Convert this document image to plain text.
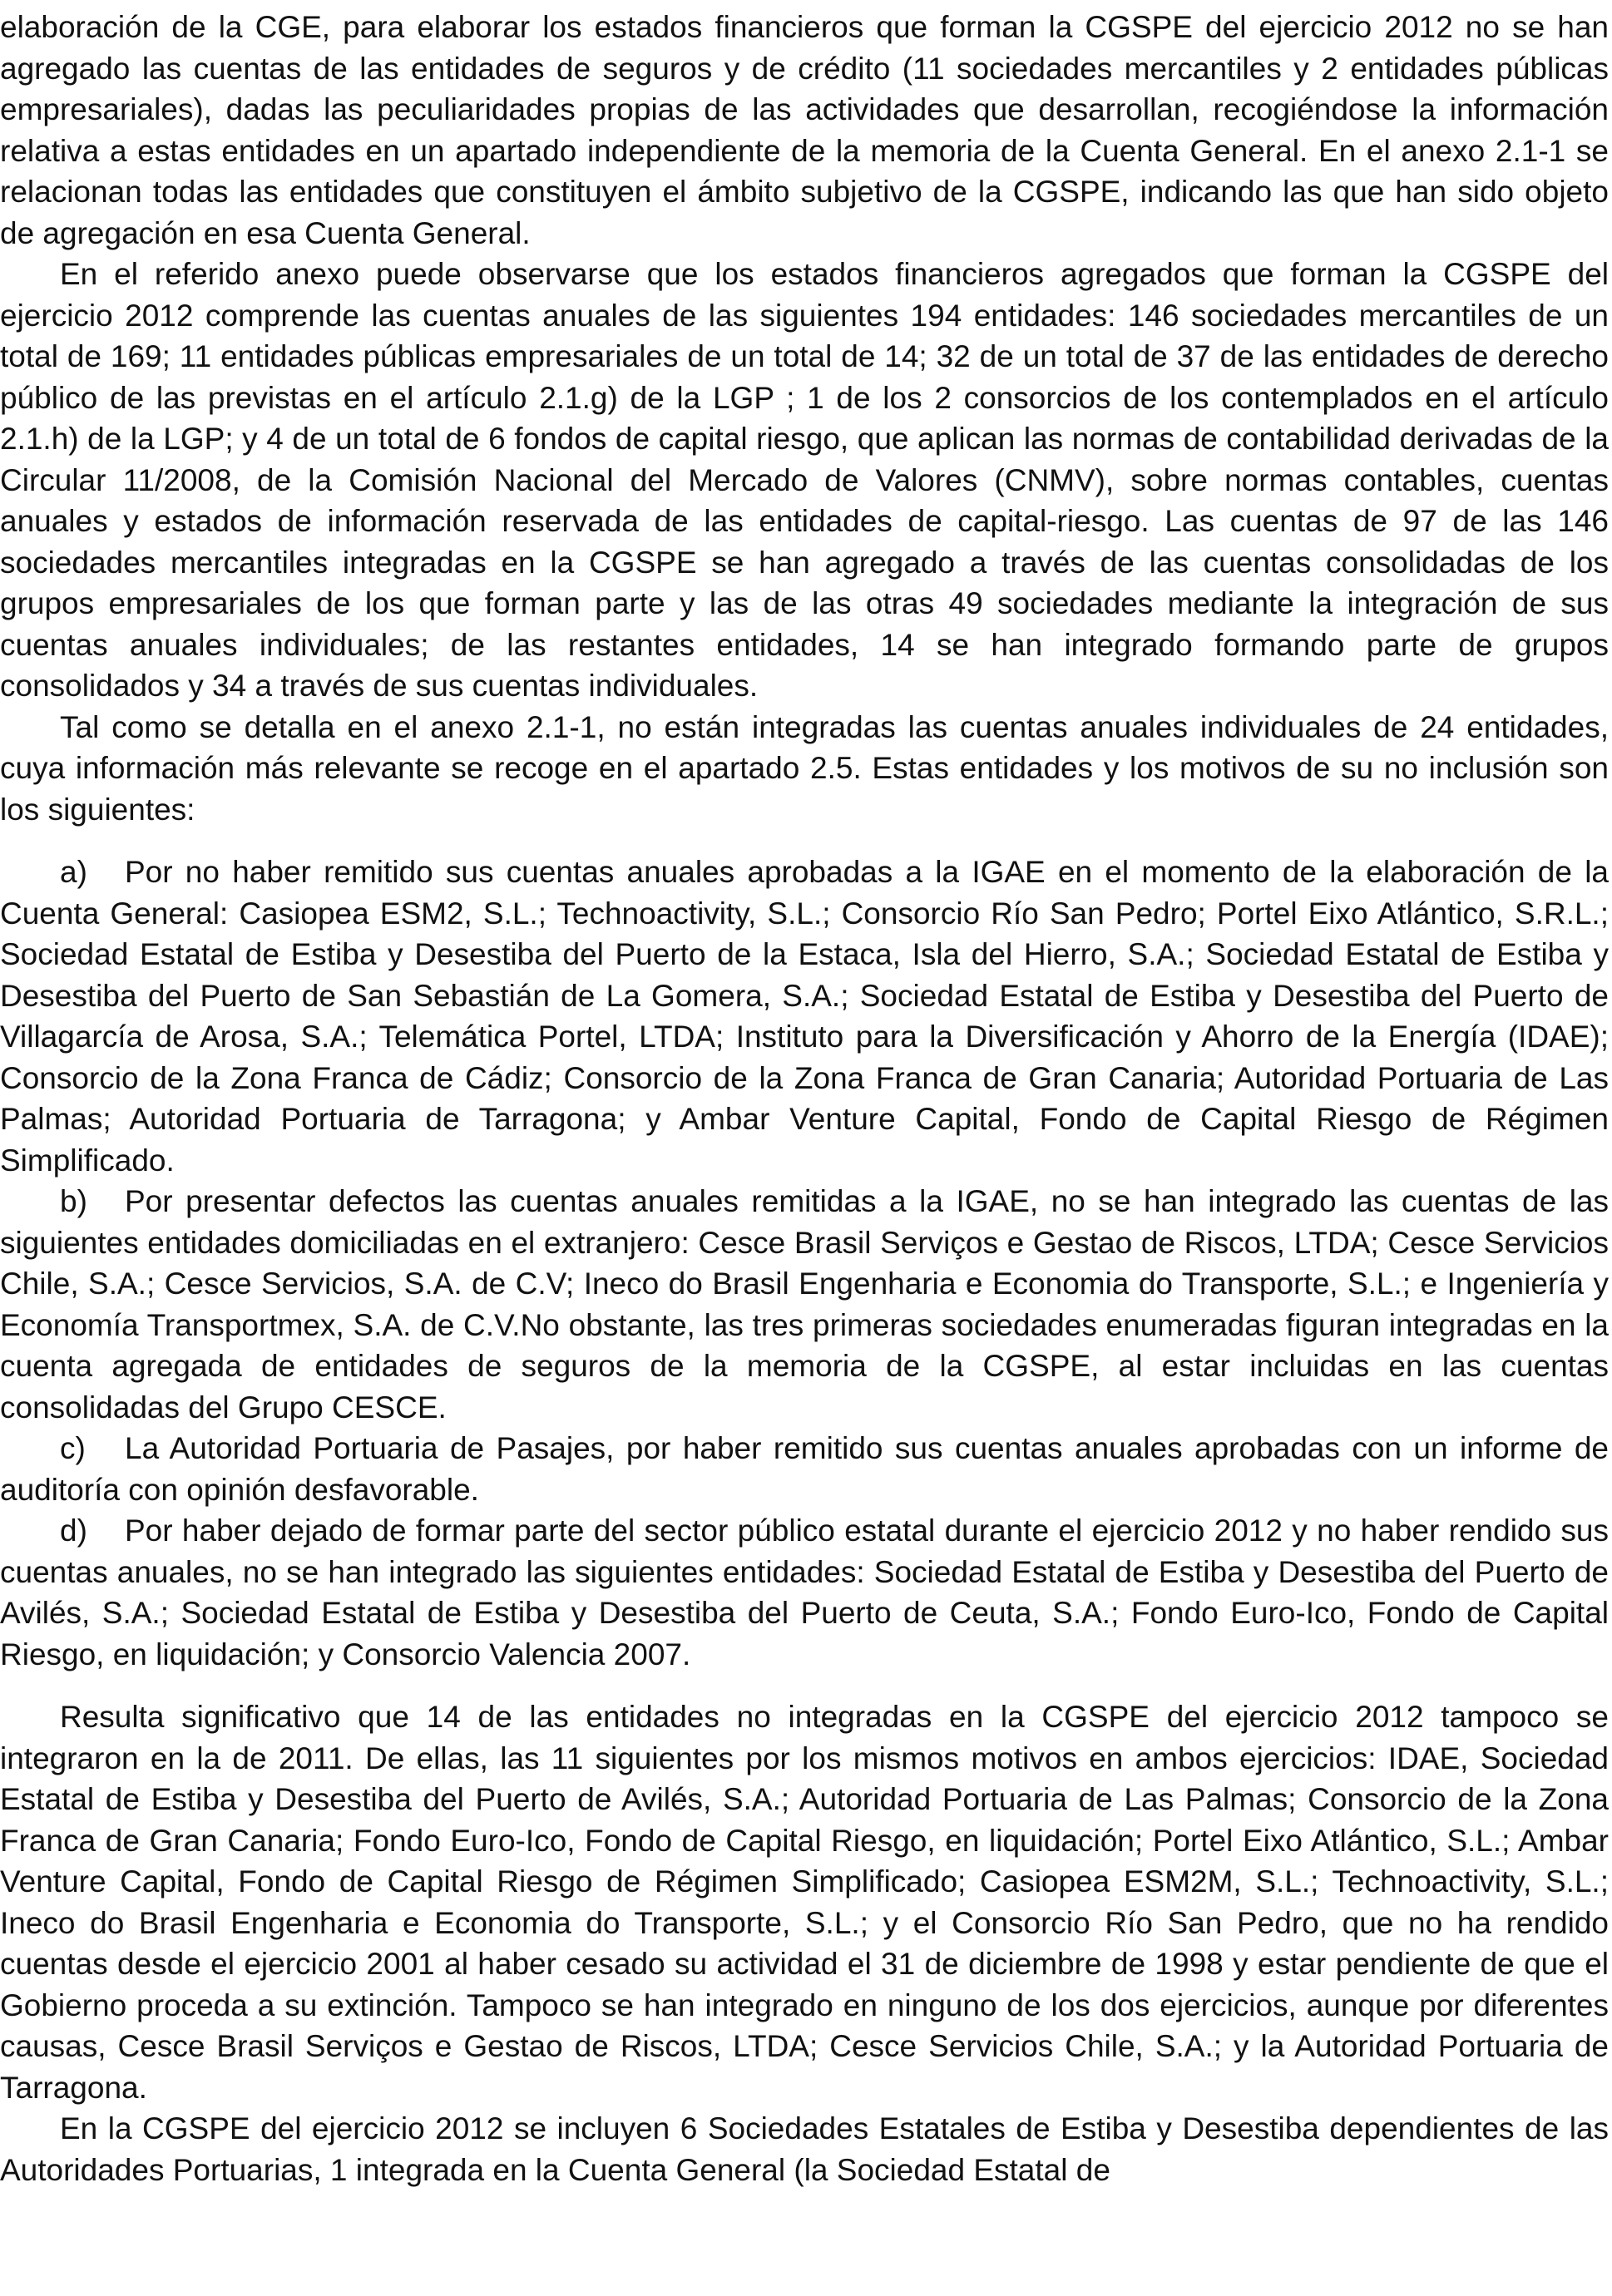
elaboración de la CGE, para elaborar los estados financieros que forman la CGSPE del ejercicio 2012 no se han agregado las cuentas de las entidades de seguros y de crédito (11 sociedades mercantiles y 2 entidades públicas empresariales), dadas las peculiaridades propias de las actividades que desarrollan, recogiéndose la información relativa a estas entidades en un apartado independiente de la memoria de la Cuenta General. En el anexo 2.1-1 se relacionan todas las entidades que constituyen el ámbito subjetivo de la CGSPE, indicando las que han sido objeto de agregación en esa Cuenta General.

En el referido anexo puede observarse que los estados financieros agregados que forman la CGSPE del ejercicio 2012 comprende las cuentas anuales de las siguientes 194 entidades: 146 sociedades mercantiles de un total de 169; 11 entidades públicas empresariales de un total de 14; 32 de un total de 37 de las entidades de derecho público de las previstas en el artículo 2.1.g) de la LGP ; 1 de los 2 consorcios de los contemplados en el artículo 2.1.h) de la LGP; y 4 de un total de 6 fondos de capital riesgo, que aplican las normas de contabilidad derivadas de la Circular 11/2008, de la Comisión Nacional del Mercado de Valores (CNMV), sobre normas contables, cuentas anuales y estados de información reservada de las entidades de capital-riesgo. Las cuentas de 97 de las 146 sociedades mercantiles integradas en la CGSPE se han agregado a través de las cuentas consolidadas de los grupos empresariales de los que forman parte y las de las otras 49 sociedades mediante la integración de sus cuentas anuales individuales; de las restantes entidades, 14 se han integrado formando parte de grupos consolidados y 34 a través de sus cuentas individuales.

Tal como se detalla en el anexo 2.1-1, no están integradas las cuentas anuales individuales de 24 entidades, cuya información más relevante se recoge en el apartado 2.5. Estas entidades y los motivos de su no inclusión son los siguientes:

a) Por no haber remitido sus cuentas anuales aprobadas a la IGAE en el momento de la elaboración de la Cuenta General: Casiopea ESM2, S.L.; Technoactivity, S.L.; Consorcio Río San Pedro; Portel Eixo Atlántico, S.R.L.; Sociedad Estatal de Estiba y Desestiba del Puerto de la Estaca, Isla del Hierro, S.A.; Sociedad Estatal de Estiba y Desestiba del Puerto de San Sebastián de La Gomera, S.A.; Sociedad Estatal de Estiba y Desestiba del Puerto de Villagarcía de Arosa, S.A.; Telemática Portel, LTDA; Instituto para la Diversificación y Ahorro de la Energía (IDAE); Consorcio de la Zona Franca de Cádiz; Consorcio de la Zona Franca de Gran Canaria; Autoridad Portuaria de Las Palmas; Autoridad Portuaria de Tarragona; y Ambar Venture Capital, Fondo de Capital Riesgo de Régimen Simplificado.

b) Por presentar defectos las cuentas anuales remitidas a la IGAE, no se han integrado las cuentas de las siguientes entidades domiciliadas en el extranjero: Cesce Brasil Serviços e Gestao de Riscos, LTDA; Cesce Servicios Chile, S.A.; Cesce Servicios, S.A. de C.V; Ineco do Brasil Engenharia e Economia do Transporte, S.L.; e Ingeniería y Economía Transportmex, S.A. de C.V.No obstante, las tres primeras sociedades enumeradas figuran integradas en la cuenta agregada de entidades de seguros de la memoria de la CGSPE, al estar incluidas en las cuentas consolidadas del Grupo CESCE.

c) La Autoridad Portuaria de Pasajes, por haber remitido sus cuentas anuales aprobadas con un informe de auditoría con opinión desfavorable.

d) Por haber dejado de formar parte del sector público estatal durante el ejercicio 2012 y no haber rendido sus cuentas anuales, no se han integrado las siguientes entidades: Sociedad Estatal de Estiba y Desestiba del Puerto de Avilés, S.A.; Sociedad Estatal de Estiba y Desestiba del Puerto de Ceuta, S.A.; Fondo Euro-Ico, Fondo de Capital Riesgo, en liquidación; y Consorcio Valencia 2007.

Resulta significativo que 14 de las entidades no integradas en la CGSPE del ejercicio 2012 tampoco se integraron en la de 2011. De ellas, las 11 siguientes por los mismos motivos en ambos ejercicios: IDAE, Sociedad Estatal de Estiba y Desestiba del Puerto de Avilés, S.A.; Autoridad Portuaria de Las Palmas; Consorcio de la Zona Franca de Gran Canaria; Fondo Euro-Ico, Fondo de Capital Riesgo, en liquidación; Portel Eixo Atlántico, S.L.; Ambar Venture Capital, Fondo de Capital Riesgo de Régimen Simplificado; Casiopea ESM2M, S.L.; Technoactivity, S.L.; Ineco do Brasil Engenharia e Economia do Transporte, S.L.; y el Consorcio Río San Pedro, que no ha rendido cuentas desde el ejercicio 2001 al haber cesado su actividad el 31 de diciembre de 1998 y estar pendiente de que el Gobierno proceda a su extinción. Tampoco se han integrado en ninguno de los dos ejercicios, aunque por diferentes causas, Cesce Brasil Serviços e Gestao de Riscos, LTDA; Cesce Servicios Chile, S.A.; y la Autoridad Portuaria de Tarragona.

En la CGSPE del ejercicio 2012 se incluyen 6 Sociedades Estatales de Estiba y Desestiba dependientes de las Autoridades Portuarias, 1 integrada en la Cuenta General (la Sociedad Estatal de
